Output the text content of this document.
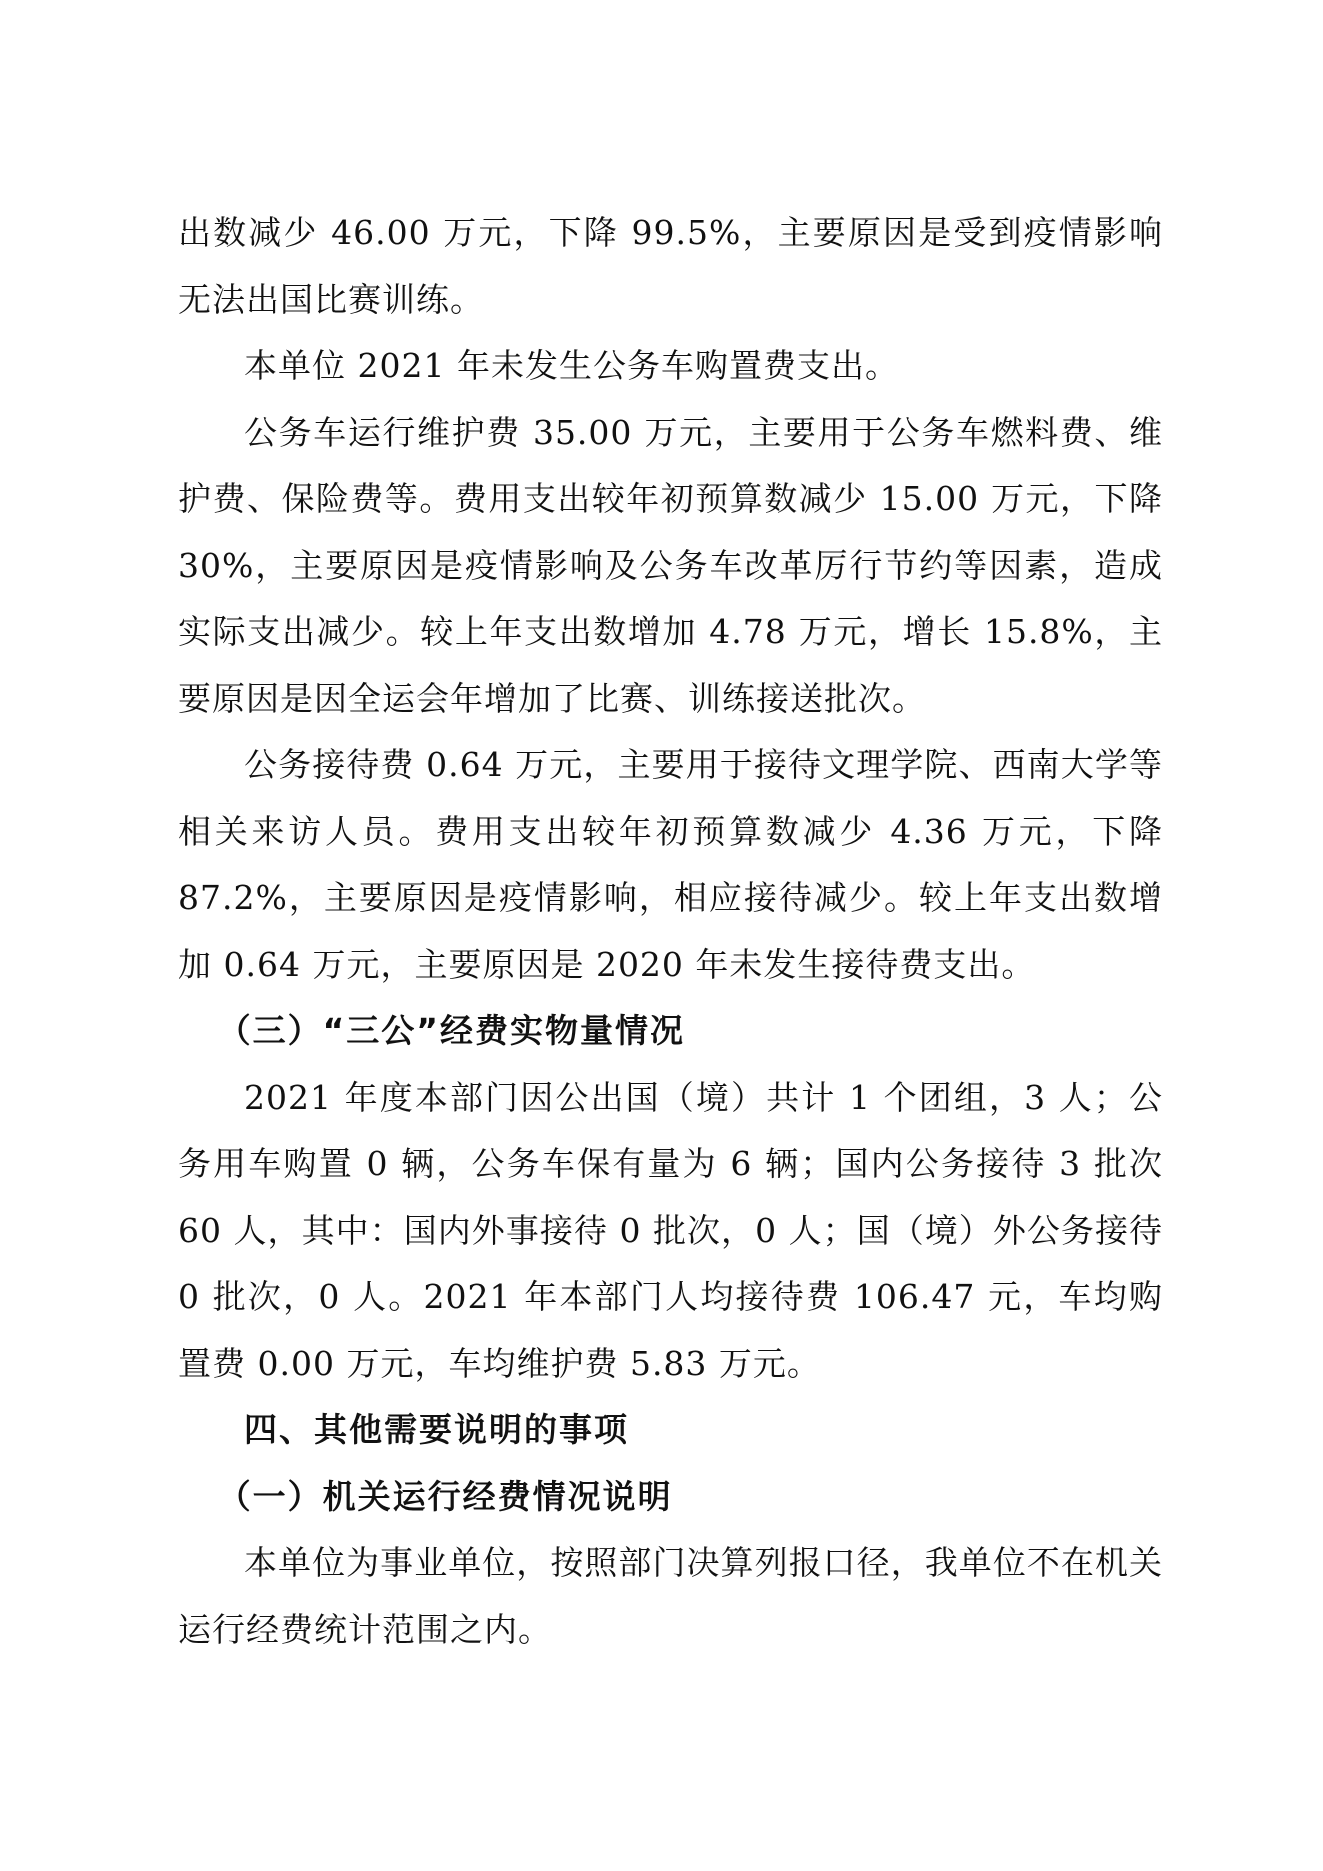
出数减少 46.00 万元，下降 99.5%，主要原因是受到疫情影响无法出国比赛训练。

本单位 2021 年未发生公务车购置费支出。

公务车运行维护费 35.00 万元，主要用于公务车燃料费、维护费、保险费等。费用支出较年初预算数减少 15.00 万元，下降 30%，主要原因是疫情影响及公务车改革厉行节约等因素，造成实际支出减少。较上年支出数增加 4.78 万元，增长 15.8%，主要原因是因全运会年增加了比赛、训练接送批次。

公务接待费 0.64 万元，主要用于接待文理学院、西南大学等相关来访人员。费用支出较年初预算数减少 4.36 万元，下降 87.2%，主要原因是疫情影响，相应接待减少。较上年支出数增加 0.64 万元，主要原因是 2020 年未发生接待费支出。

（三）“三公”经费实物量情况

2021 年度本部门因公出国（境）共计 1 个团组，3 人；公务用车购置 0 辆，公务车保有量为 6 辆；国内公务接待 3 批次 60 人，其中：国内外事接待 0 批次，0 人；国（境）外公务接待 0 批次，0 人。2021 年本部门人均接待费 106.47 元，车均购置费 0.00 万元，车均维护费 5.83 万元。

四、其他需要说明的事项

（一）机关运行经费情况说明

本单位为事业单位，按照部门决算列报口径，我单位不在机关运行经费统计范围之内。
